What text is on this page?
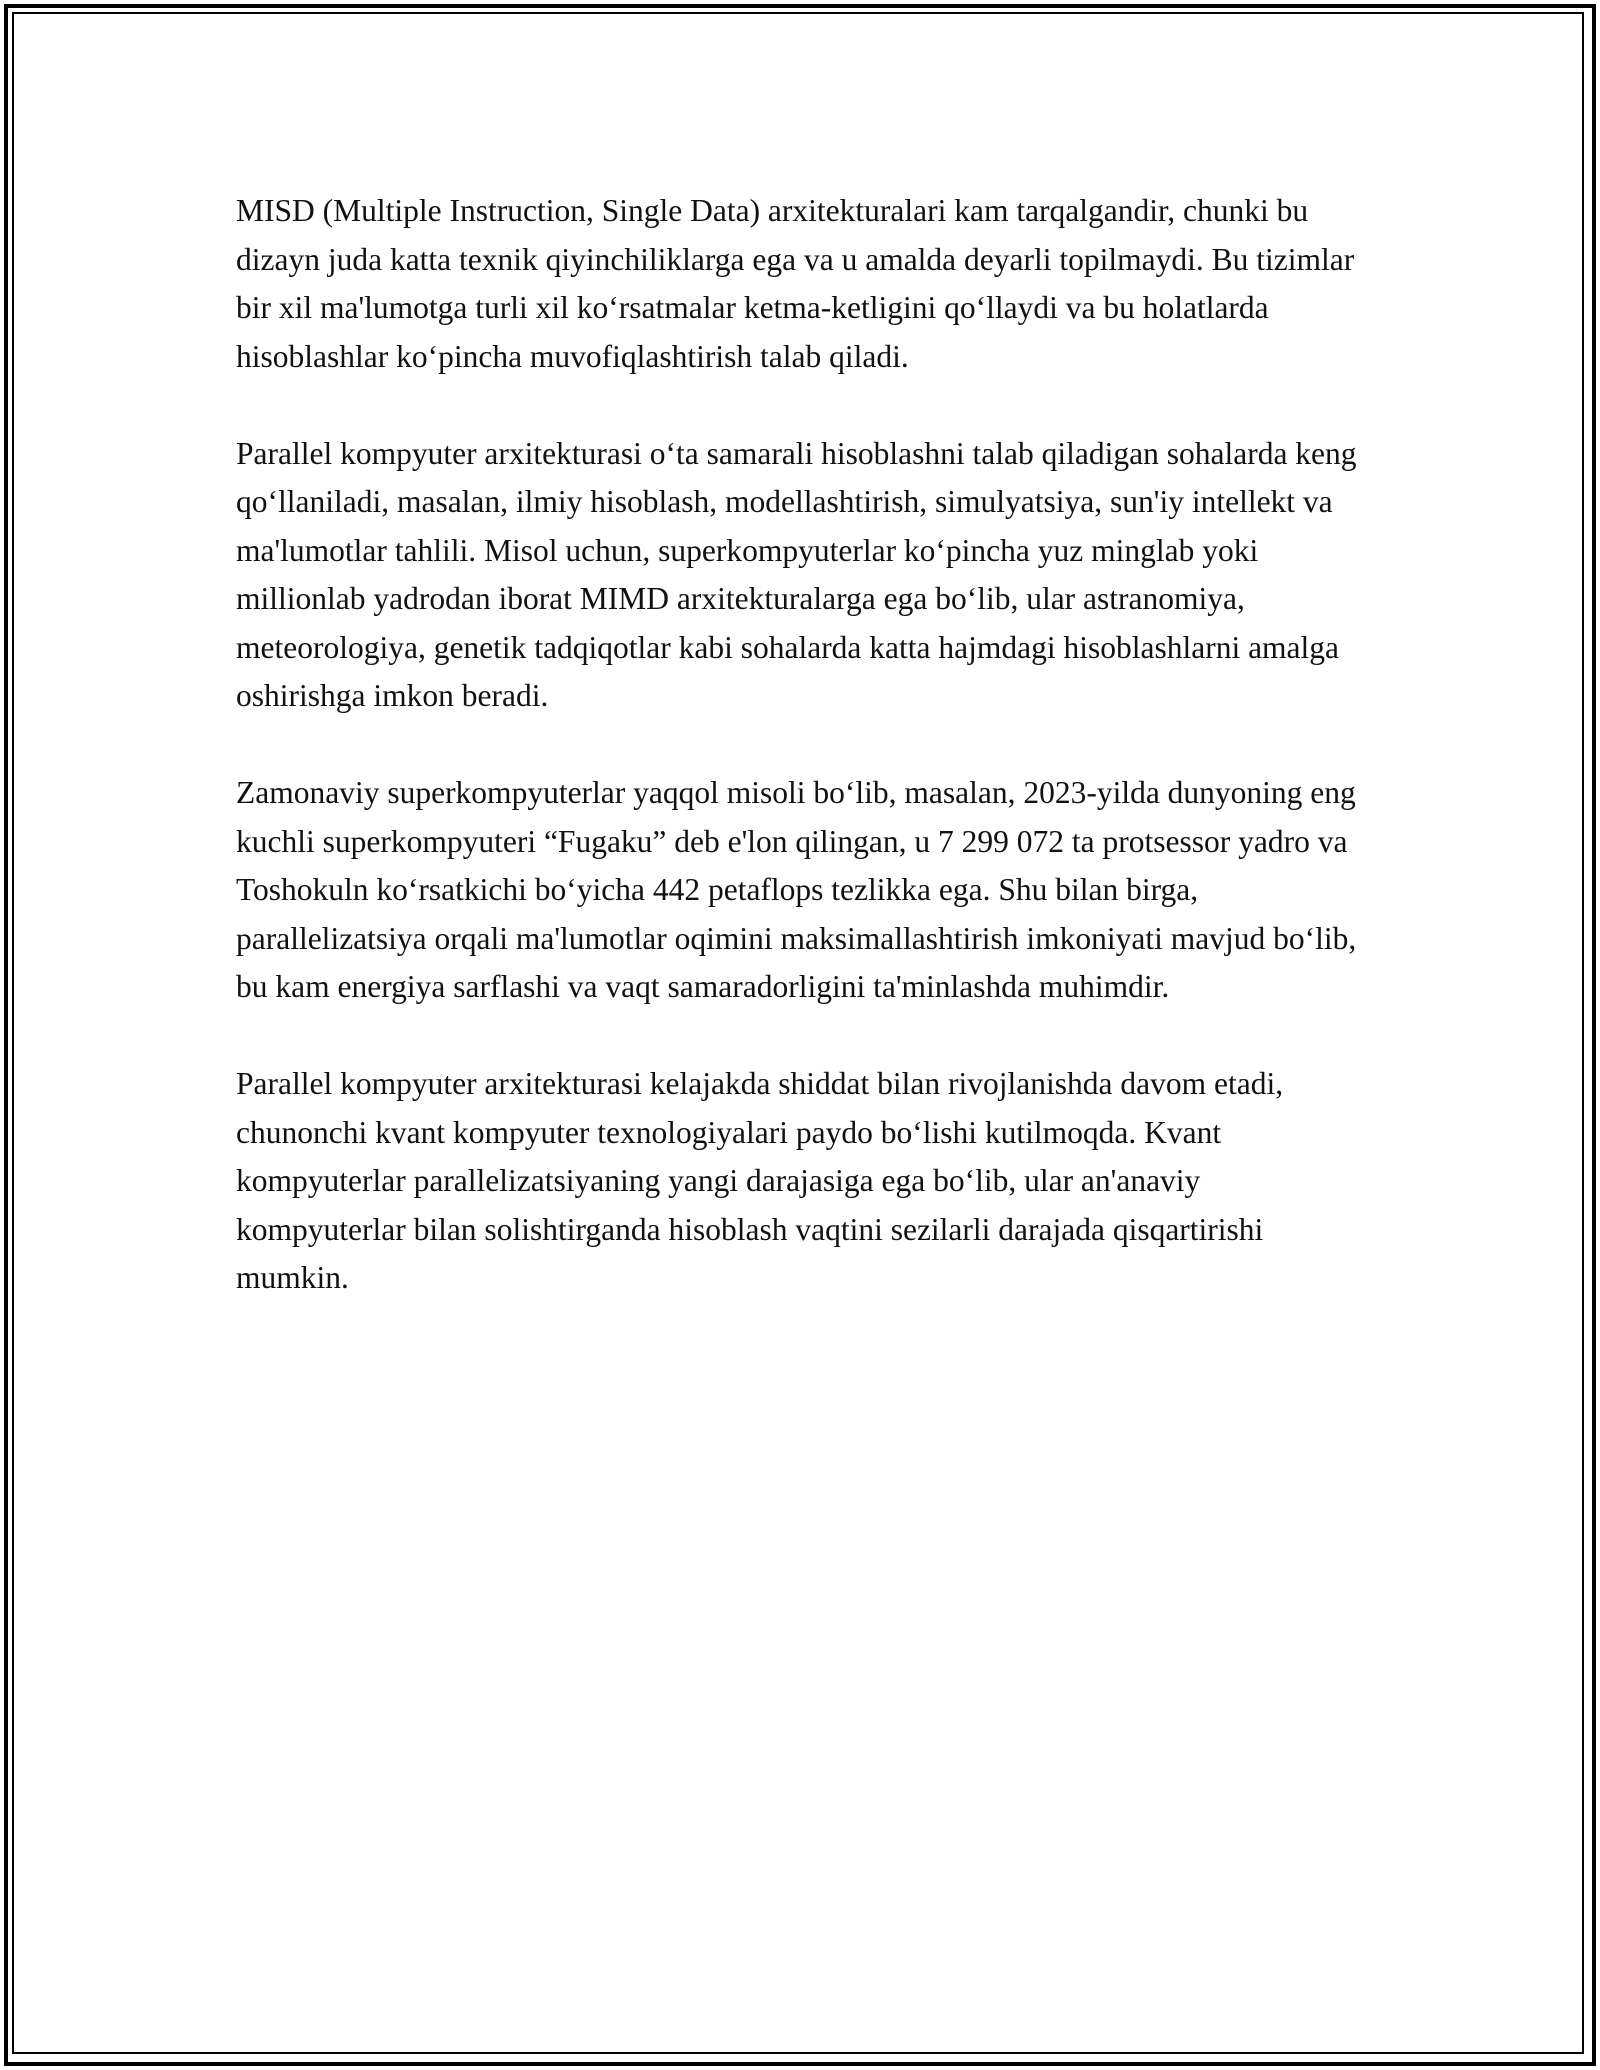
MISD (Multiple Instruction, Single Data) arxitekturalari kam tarqalgandir, chunki bu dizayn juda katta texnik qiyinchiliklarga ega va u amalda deyarli topilmaydi. Bu tizimlar bir xil ma'lumotga turli xil ko‘rsatmalar ketma-ketligini qo‘llaydi va bu holatlarda hisoblashlar ko‘pincha muvofiqlashtirish talab qiladi.

Parallel kompyuter arxitekturasi o‘ta samarali hisoblashni talab qiladigan sohalarda keng qo‘llaniladi, masalan, ilmiy hisoblash, modellashtirish, simulyatsiya, sun'iy intellekt va ma'lumotlar tahlili. Misol uchun, superkompyuterlar ko‘pincha yuz minglab yoki millionlab yadrodan iborat MIMD arxitekturalarga ega bo‘lib, ular astranomiya, meteorologiya, genetik tadqiqotlar kabi sohalarda katta hajmdagi hisoblashlarni amalga oshirishga imkon beradi.

Zamonaviy superkompyuterlar yaqqol misoli bo‘lib, masalan, 2023-yilda dunyoning eng kuchli superkompyuteri “Fugaku” deb e'lon qilingan, u 7 299 072 ta protsessor yadro va Toshokuln ko‘rsatkichi bo‘yicha 442 petaflops tezlikka ega. Shu bilan birga, parallelizatsiya orqali ma'lumotlar oqimini maksimallashtirish imkoniyati mavjud bo‘lib, bu kam energiya sarflashi va vaqt samaradorligini ta'minlashda muhimdir.

Parallel kompyuter arxitekturasi kelajakda shiddat bilan rivojlanishda davom etadi, chunonchi kvant kompyuter texnologiyalari paydo bo‘lishi kutilmoqda. Kvant kompyuterlar parallelizatsiyaning yangi darajasiga ega bo‘lib, ular an'anaviy kompyuterlar bilan solishtirganda hisoblash vaqtini sezilarli darajada qisqartirishi mumkin.
